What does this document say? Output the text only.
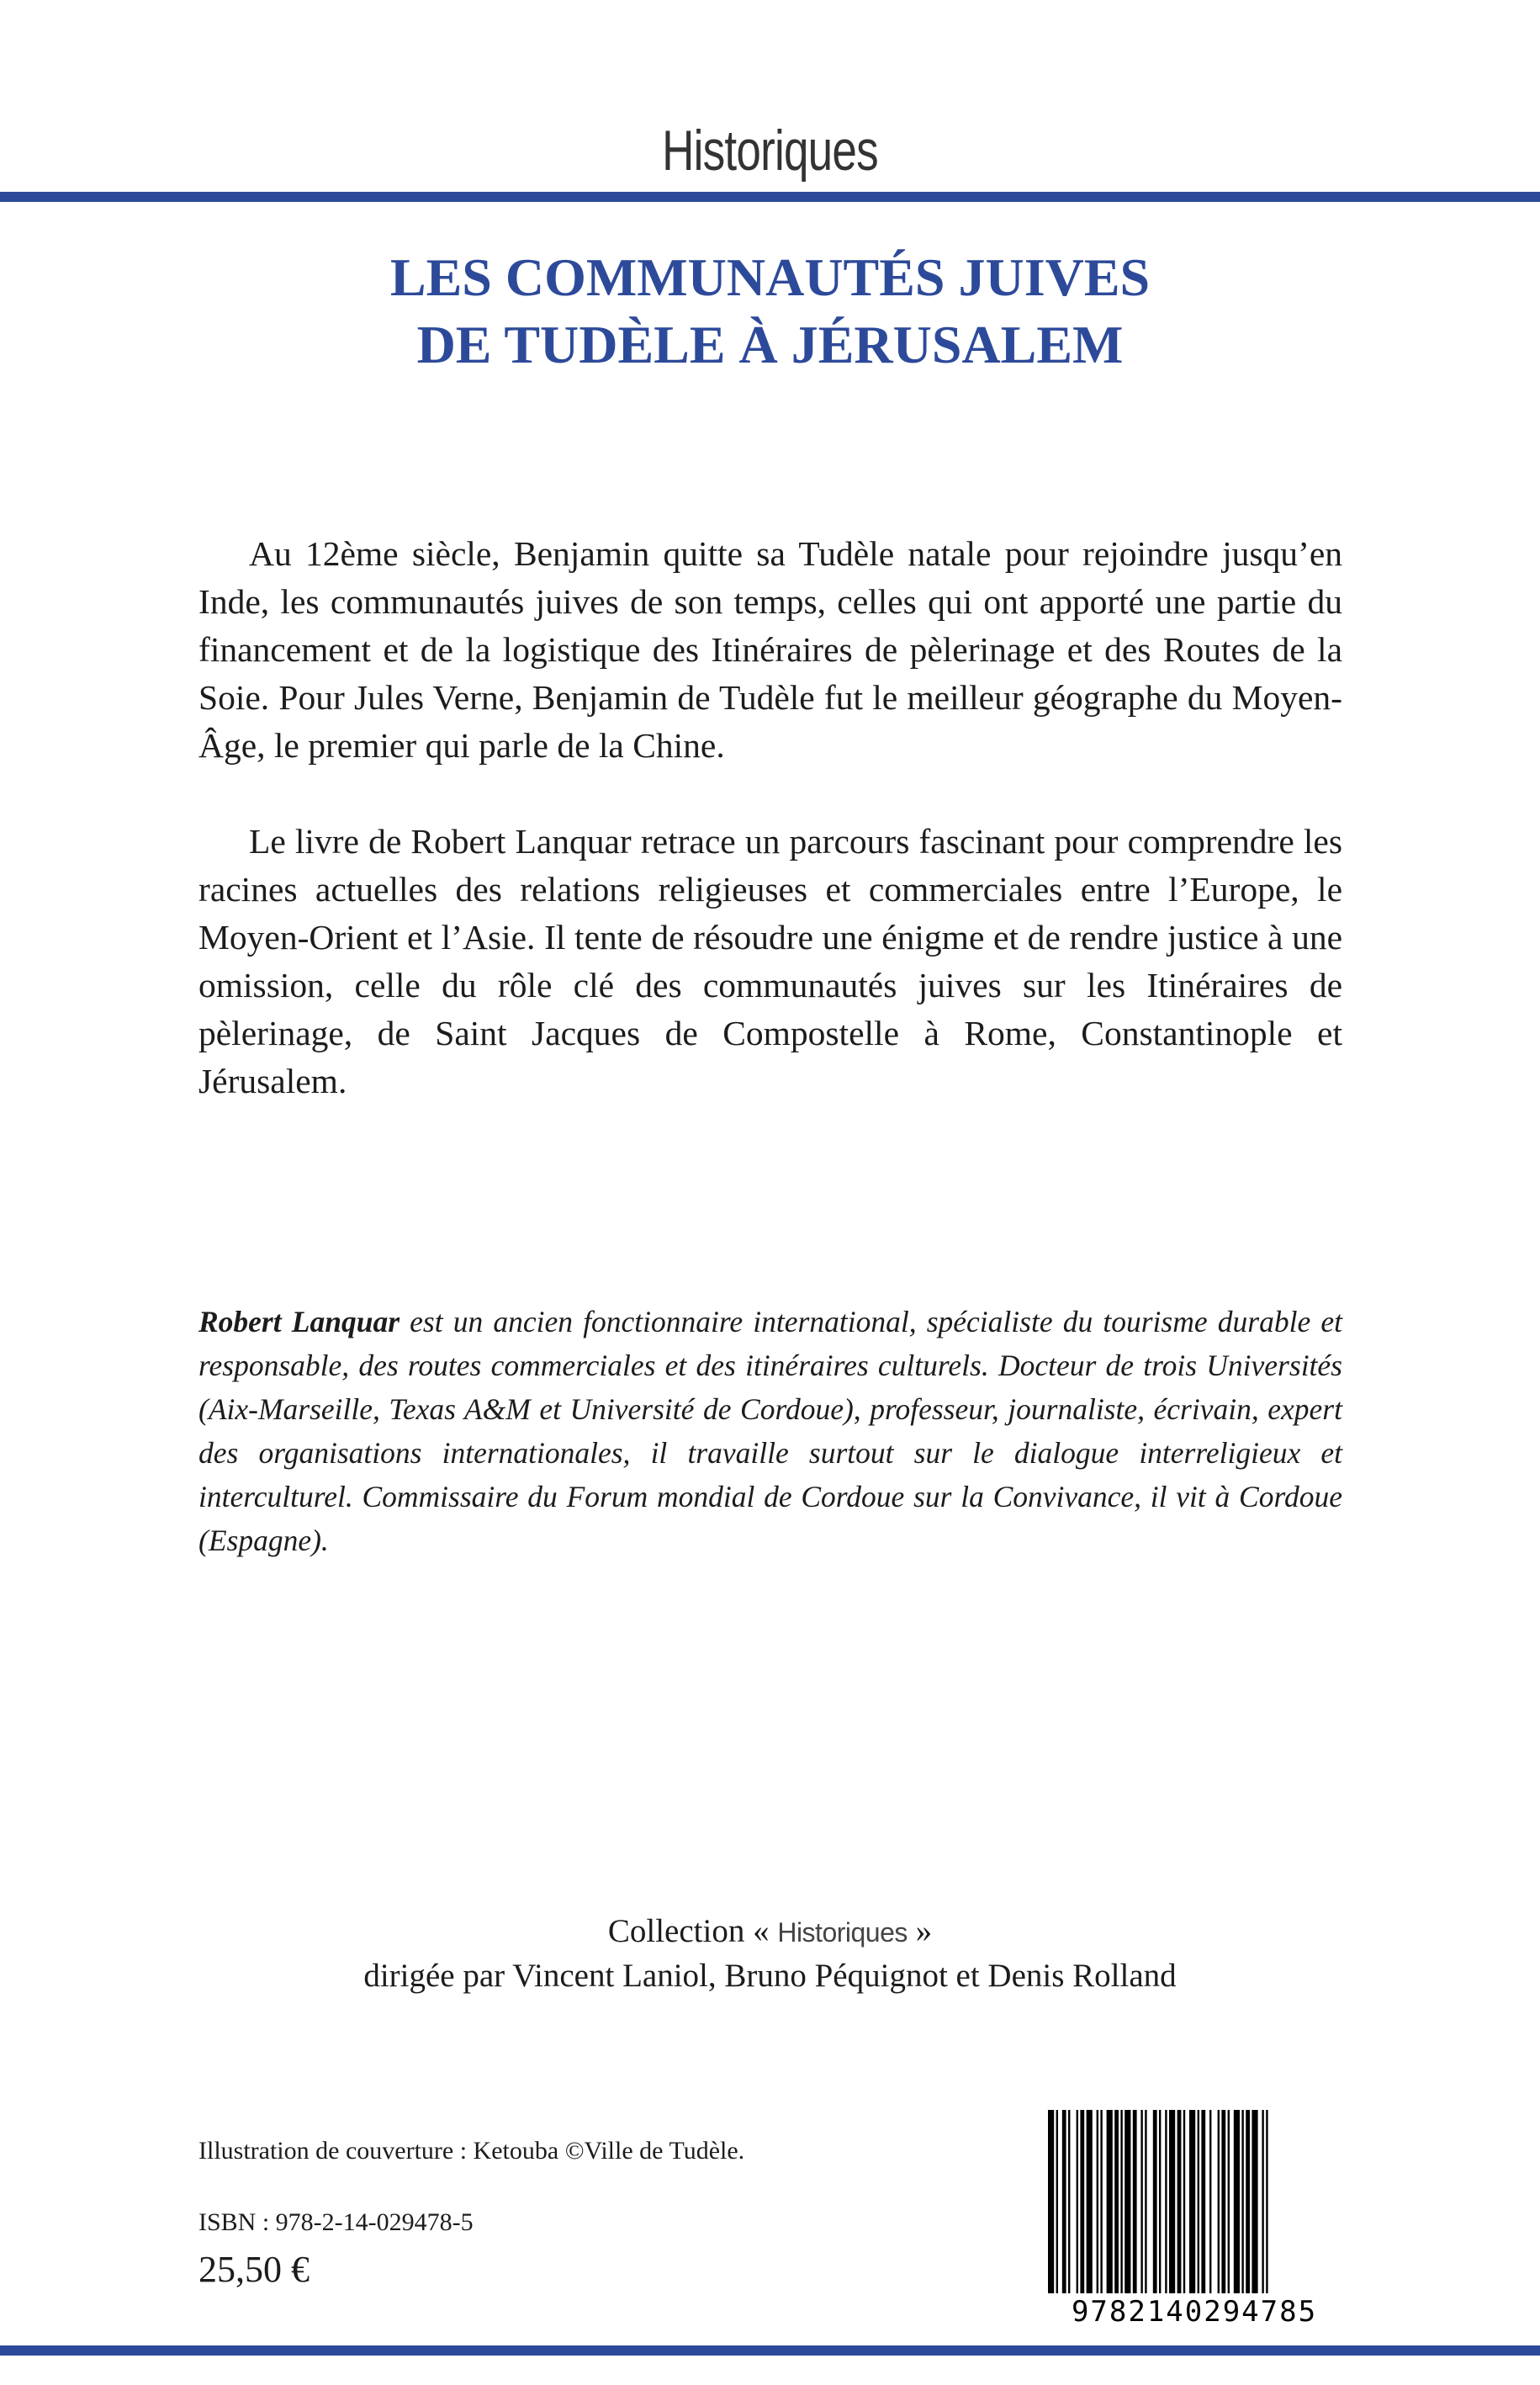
Historiques
LES COMMUNAUTÉS JUIVES
DE TUDÈLE À JÉRUSALEM

Au 12ème siècle, Benjamin quitte sa Tudèle natale pour rejoindre jusqu’en Inde, les communautés juives de son temps, celles qui ont apporté une partie du financement et de la logistique des Itinéraires de pèlerinage et des Routes de la Soie. Pour Jules Verne, Benjamin de Tudèle fut le meilleur géographe du Moyen-Âge, le premier qui parle de la Chine.

Le livre de Robert Lanquar retrace un parcours fascinant pour comprendre les racines actuelles des relations religieuses et commerciales entre l’Europe, le Moyen-Orient et l’Asie. Il tente de résoudre une énigme et de rendre justice à une omission, celle du rôle clé des communautés juives sur les Itinéraires de pèlerinage, de Saint Jacques de Compostelle à Rome, Constantinople et Jérusalem.

Robert Lanquar est un ancien fonctionnaire international, spécialiste du tourisme durable et responsable, des routes commerciales et des itinéraires culturels. Docteur de trois Universités (Aix-Marseille, Texas A&M et Université de Cordoue), professeur, journaliste, écrivain, expert des organisations internationales, il travaille surtout sur le dialogue interreligieux et interculturel. Commissaire du Forum mondial de Cordoue sur la Convivance, il vit à Cordoue (Espagne).
Collection « Historiques »
dirigée par Vincent Laniol, Bruno Péquignot et Denis Rolland
Illustration de couverture : Ketouba ©Ville de Tudèle.
ISBN : 978-2-14-029478-5
25,50 €
9782140294785
